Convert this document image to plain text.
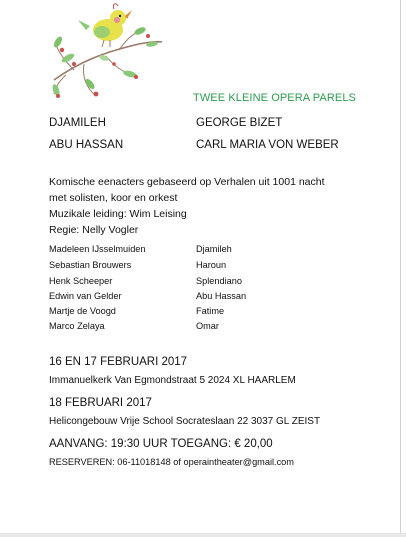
TWEE KLEINE OPERA PARELS
DJAMILEH	GEORGE BIZET
ABU HASSAN	CARL MARIA VON WEBER
Komische eenacters gebaseerd op Verhalen uit 1001 nacht
met solisten, koor en orkest
Muzikale leiding: Wim Leising
Regie: Nelly Vogler
Madeleen IJsselmuiden	Djamileh
Sebastian Brouwers	Haroun
Henk Scheeper	Splendiano
Edwin van Gelder	Abu Hassan
Martje de Voogd	Fatime
Marco Zelaya	Omar
16 EN 17 FEBRUARI 2017
Immanuelkerk Van Egmondstraat 5 2024 XL HAARLEM
18 FEBRUARI 2017
Helicongebouw Vrije School Socrateslaan 22 3037 GL ZEIST
AANVANG: 19:30 UUR TOEGANG: € 20,00
RESERVEREN: 06-11018148 of operaintheater@gmail.com
